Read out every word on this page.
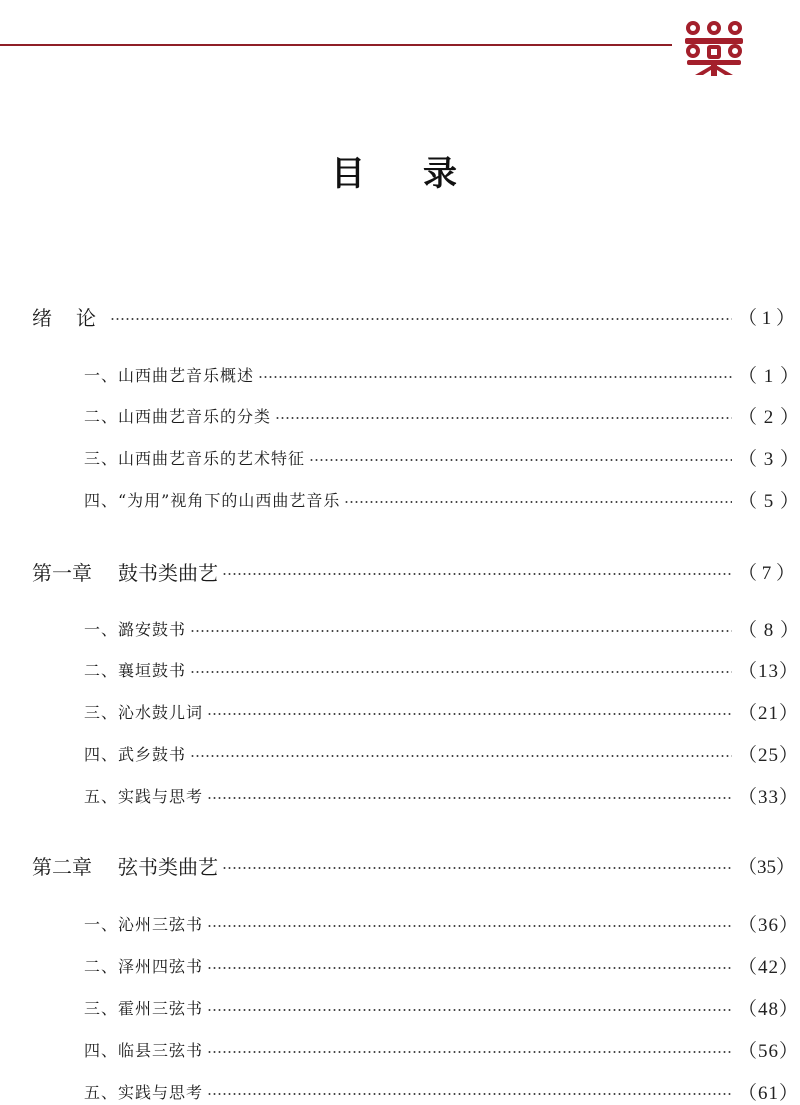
目 录
绪 论	（ 1 ）
一、山西曲艺音乐概述	（ 1 ）
二、山西曲艺音乐的分类	（ 2 ）
三、山西曲艺音乐的艺术特征	（ 3 ）
四、“为用”视角下的山西曲艺音乐	（ 5 ）
第一章 鼓书类曲艺	（ 7 ）
一、潞安鼓书	（ 8 ）
二、襄垣鼓书	（13）
三、沁水鼓儿词	（21）
四、武乡鼓书	（25）
五、实践与思考	（33）
第二章 弦书类曲艺	（35）
一、沁州三弦书	（36）
二、泽州四弦书	（42）
三、霍州三弦书	（48）
四、临县三弦书	（56）
五、实践与思考	（61）
